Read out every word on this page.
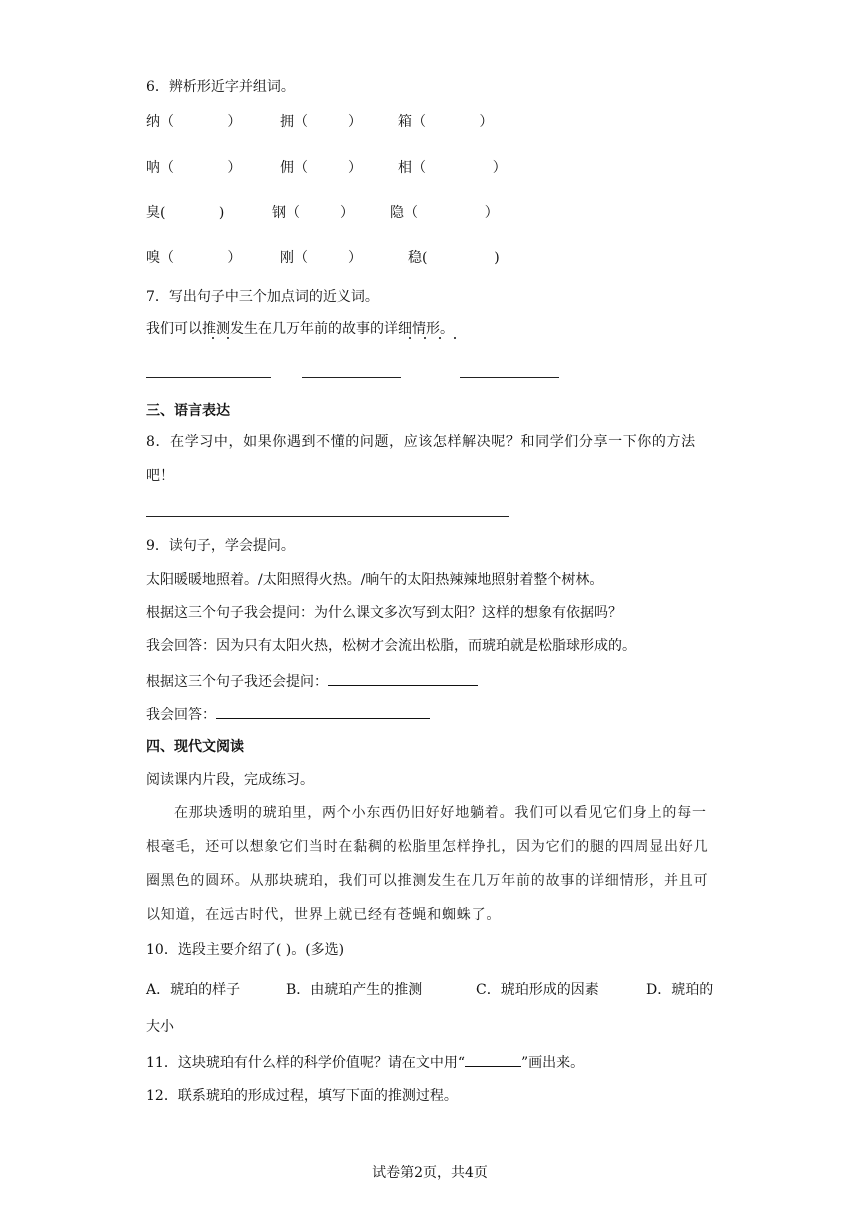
6．辨析形近字并组词。
纳（            ）	拥（         ）	箱（            ）
呐（            ）	佣（         ）	相（               ）
臭(            )	钢（         ）	隐（               ）
嗅（            ）	刚（         ）	稳(               )
7．写出句子中三个加点词的近义词。
我们可以推测发生在几万年前的故事的详细情形。
三、语言表达
8．在学习中，如果你遇到不懂的问题，应该怎样解决呢？和同学们分享一下你的方法
吧！
9．读句子，学会提问。
太阳暖暖地照着。/太阳照得火热。/晌午的太阳热辣辣地照射着整个树林。
根据这三个句子我会提问：为什么课文多次写到太阳？这样的想象有依据吗？
我会回答：因为只有太阳火热，松树才会流出松脂，而琥珀就是松脂球形成的。
根据这三个句子我还会提问：
我会回答：
四、现代文阅读
阅读课内片段，完成练习。
在那块透明的琥珀里，两个小东西仍旧好好地躺着。我们可以看见它们身上的每一根毫毛，还可以想象它们当时在黏稠的松脂里怎样挣扎，因为它们的腿的四周显出好几圈黑色的圆环。从那块琥珀，我们可以推测发生在几万年前的故事的详细情形，并且可以知道，在远古时代，世界上就已经有苍蝇和蜘蛛了。
10．选段主要介绍了( )。(多选)
A．琥珀的样子	B．由琥珀产生的推测	C．琥珀形成的因素	D．琥珀的
大小
11．这块琥珀有什么样的科学价值呢？请在文中用“	”画出来。
12．联系琥珀的形成过程，填写下面的推测过程。
试卷第2页，共4页
